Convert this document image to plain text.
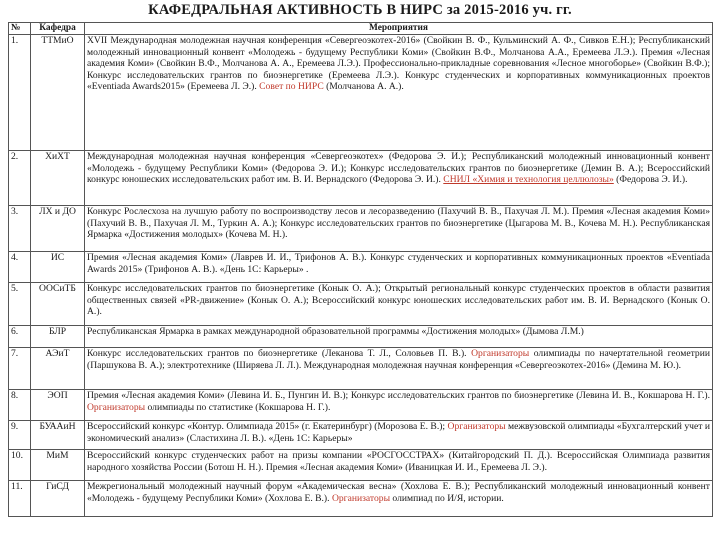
КАФЕДРАЛЬНАЯ АКТИВНОСТЬ В НИРС за 2015-2016 уч. гг.
№	Кафедра	Мероприятия
1.	ТТМиО	XVII Международная молодежная научная конференция «Севергеоэкотех-2016» (Свойкин В. Ф., Кульминский А. Ф., Сивков Е.Н.); Республиканский молодежный инновационный конвент «Молодежь - будущему Республики Коми» (Свойкин В.Ф., Молчанова А.А., Еремеева Л.Э.). Премия «Лесная академия Коми» (Свойкин В.Ф., Молчанова А. А., Еремеева Л.Э.). Профессионально-прикладные соревнования «Лесное многоборье» (Свойкин В.Ф.); Конкурс исследовательских грантов по биоэнергетике (Еремеева Л.Э.). Конкурс студенческих и корпоративных коммуникационных проектов «Eventiada Awards2015» (Еремеева Л. Э.). Совет по НИРС (Молчанова А. А.).
2.	ХиХТ	Международная молодежная научная конференция «Севергеоэкотех» (Федорова Э. И.); Республиканский молодежный инновационный конвент «Молодежь - будущему Республики Коми» (Федорова Э. И.); Конкурс исследовательских грантов по биоэнергетике (Демин В. А.); Всероссийский конкурс юношеских исследовательских работ им. В. И. Вернадского (Федорова Э. И.). СНИЛ «Химия и технология целлюлозы» (Федорова Э. И.).
3.	ЛХ и ДО	Конкурс Рослесхоза на лучшую работу по воспроизводству лесов и лесоразведению (Пахучий В. В., Пахучая Л. М.). Премия «Лесная академия Коми» (Пахучий В. В., Пахучая Л. М., Туркин А. А.); Конкурс исследовательских грантов по биоэнергетике (Цыгарова М. В., Кочева М. Н.). Республиканская Ярмарка «Достижения молодых» (Кочева М. Н.).
4.	ИС	Премия «Лесная академия Коми» (Лаврев И. И., Трифонов А. В.). Конкурс студенческих и корпоративных коммуникационных проектов «Eventiada Awards 2015» (Трифонов А. В.). «День 1С: Карьеры» .
5.	ООСиТБ	Конкурс исследовательских грантов по биоэнергетике (Конык О. А.); Открытый региональный конкурс студенческих проектов в области развития общественных связей «PR-движение» (Конык О. А.); Всероссийский конкурс юношеских исследовательских работ им. В. И. Вернадского (Конык О. А.).
6.	БЛР	Республиканская Ярмарка в рамках международной образовательной программы «Достижения молодых» (Дымова Л.М.)
7.	АЭиТ	Конкурс исследовательских грантов по биоэнергетике (Леканова Т. Л., Соловьев П. В.). Организаторы олимпиады по начертательной геометрии (Паршукова В. А.); электротехнике (Ширяева Л. Л.). Международная молодежная научная конференция «Севергеоэкотех-2016» (Демина М. Ю.).
8.	ЭОП	Премия «Лесная академия Коми» (Левина И. Б., Пунгин И. В.); Конкурс исследовательских грантов по биоэнергетике (Левина И. В., Кокшарова Н. Г.). Организаторы олимпиады по статистике (Кокшарова Н. Г.).
9.	БУААиН	Всероссийский конкурс «Контур. Олимпиада 2015» (г. Екатеринбург) (Морозова Е. В.); Организаторы межвузовской олимпиады «Бухгалтерский учет и экономический анализ» (Сластихина Л. В.). «День 1С: Карьеры»
10.	МиМ	Всероссийский конкурс студенческих работ на призы компании «РОСГОССТРАХ» (Китайгородский П. Д.). Всероссийская Олимпиада развития народного хозяйства России (Ботош Н. Н.). Премия «Лесная академия Коми» (Иваницкая И. И., Еремеева Л. Э.).
11.	ГиСД	Межрегиональный молодежный научный форум «Академическая весна» (Хохлова Е. В.); Республиканский молодежный инновационный конвент «Молодежь - будущему Республики Коми» (Хохлова Е. В.). Организаторы олимпиад по И/Я, истории.
